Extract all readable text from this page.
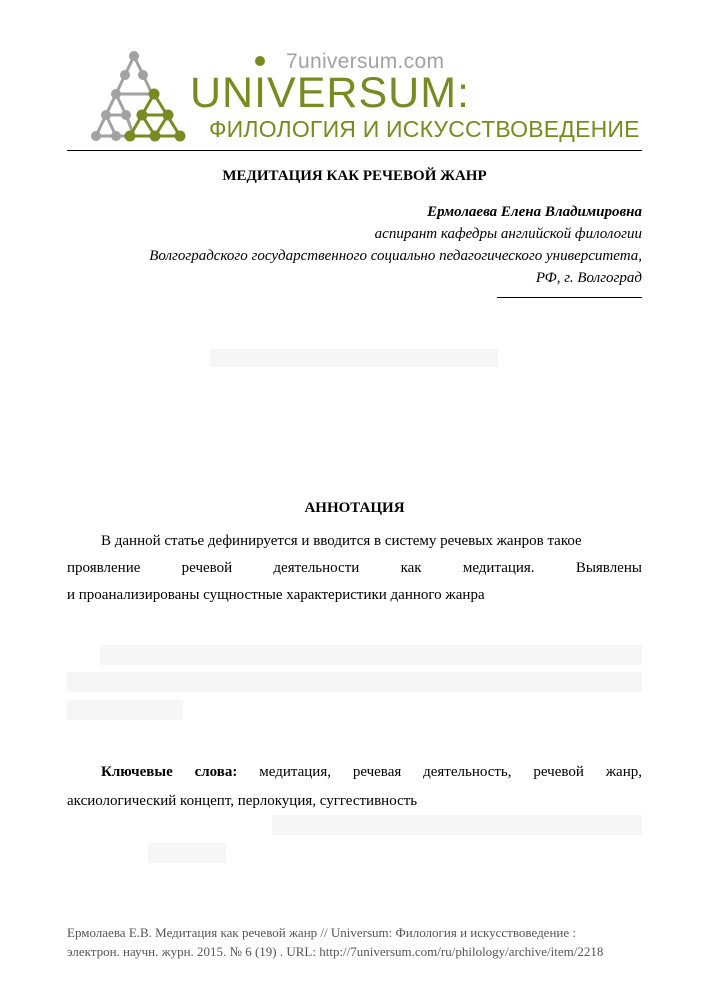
7universum.com
UNIVERSUM:
ФИЛОЛОГИЯ И ИСКУССТВОВЕДЕНИЕ
МЕДИТАЦИЯ КАК РЕЧЕВОЙ ЖАНР
Ермолаева Елена Владимировна
аспирант кафедры английской филологии
Волгоградского государственного социально педагогического университета,
РФ, г. Волгоград
АННОТАЦИЯ
В данной статье дефинируется и вводится в систему речевых жанров такое
проявление	речевой	деятельности	как	медитация.	Выявлены
и проанализированы сущностные характеристики данного жанра
Ключевые слова: медитация, речевая деятельность, речевой жанр,
аксиологический концепт, перлокуция, суггестивность
Ермолаева Е.В. Медитация как речевой жанр // Universum: Филология и искусствоведение :
электрон. научн. журн. 2015. № 6 (19) . URL: http://7universum.com/ru/philology/archive/item/2218
